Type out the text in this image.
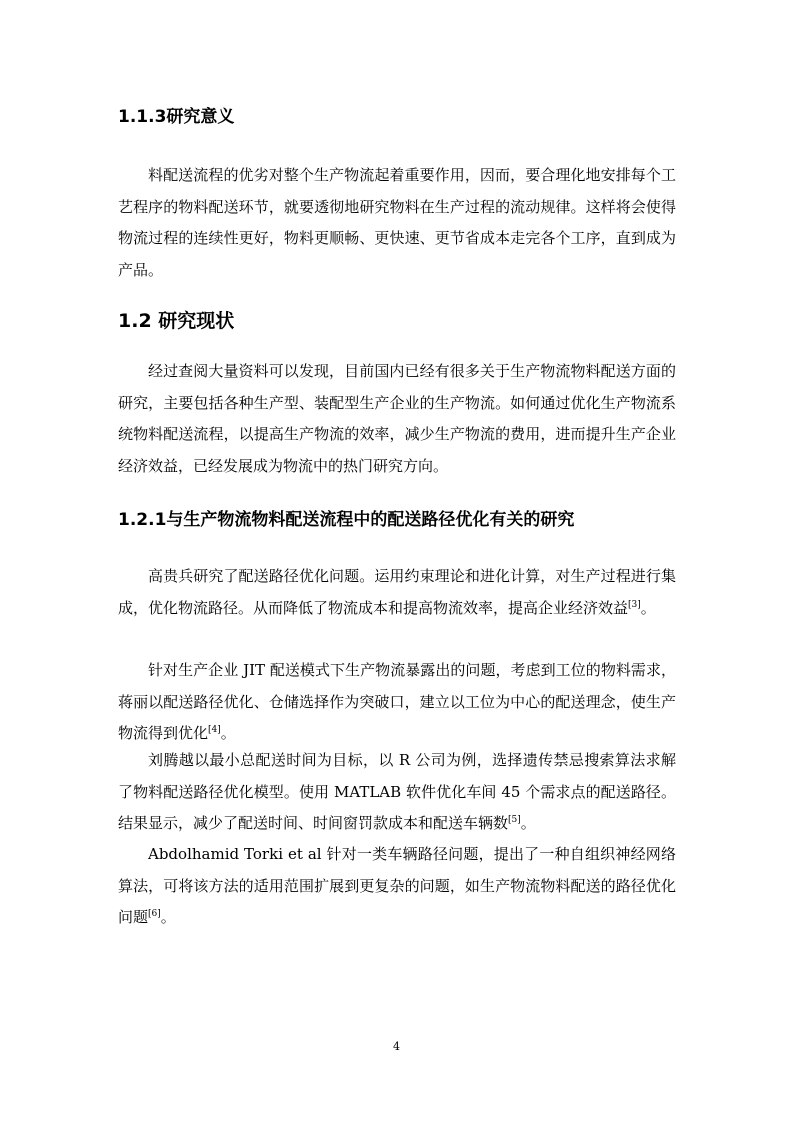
1.1.3研究意义

料配送流程的优劣对整个生产物流起着重要作用，因而，要合理化地安排每个工艺程序的物料配送环节，就要透彻地研究物料在生产过程的流动规律。这样将会使得物流过程的连续性更好，物料更顺畅、更快速、更节省成本走完各个工序，直到成为产品。

1.2 研究现状

经过查阅大量资料可以发现，目前国内已经有很多关于生产物流物料配送方面的研究，主要包括各种生产型、装配型生产企业的生产物流。如何通过优化生产物流系统物料配送流程，以提高生产物流的效率，减少生产物流的费用，进而提升生产企业经济效益，已经发展成为物流中的热门研究方向。

1.2.1与生产物流物料配送流程中的配送路径优化有关的研究

高贵兵研究了配送路径优化问题。运用约束理论和进化计算，对生产过程进行集成，优化物流路径。从而降低了物流成本和提高物流效率，提高企业经济效益[3]。

针对生产企业 JIT 配送模式下生产物流暴露出的问题，考虑到工位的物料需求，蒋丽以配送路径优化、仓储选择作为突破口，建立以工位为中心的配送理念，使生产物流得到优化[4]。

刘腾越以最小总配送时间为目标，以 R 公司为例，选择遗传禁忌搜索算法求解了物料配送路径优化模型。使用 MATLAB 软件优化车间 45 个需求点的配送路径。结果显示，减少了配送时间、时间窗罚款成本和配送车辆数[5]。

Abdolhamid Torki et al 针对一类车辆路径问题，提出了一种自组织神经网络算法，可将该方法的适用范围扩展到更复杂的问题，如生产物流物料配送的路径优化问题[6]。

4
